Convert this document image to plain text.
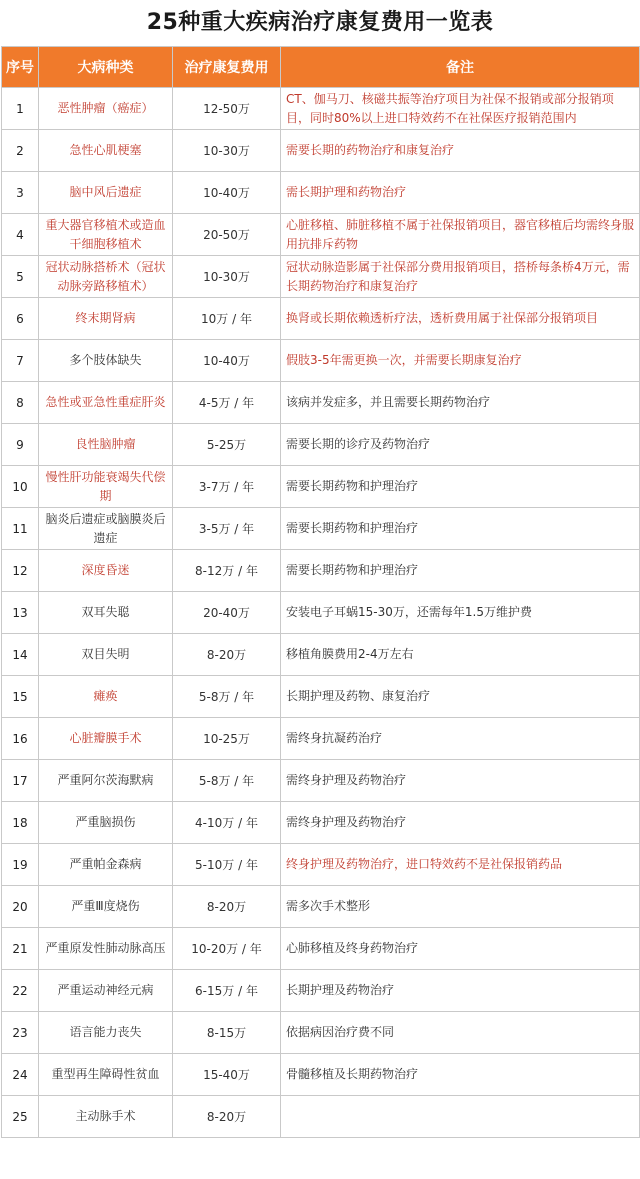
25种重大疾病治疗康复费用一览表
序号	大病种类	治疗康复费用	备注
1	恶性肿瘤（癌症）	12-50万	CT、伽马刀、核磁共振等治疗项目为社保不报销或部分报销项目，同时80%以上进口特效药不在社保医疗报销范围内
2	急性心肌梗塞	10-30万	需要长期的药物治疗和康复治疗
3	脑中风后遗症	10-40万	需长期护理和药物治疗
4	重大器官移植术或造血干细胞移植术	20-50万	心脏移植、肺脏移植不属于社保报销项目，器官移植后均需终身服用抗排斥药物
5	冠状动脉搭桥术（冠状动脉旁路移植术）	10-30万	冠状动脉造影属于社保部分费用报销项目，搭桥每条桥4万元，需长期药物治疗和康复治疗
6	终末期肾病	10万 / 年	换肾或长期依赖透析疗法，透析费用属于社保部分报销项目
7	多个肢体缺失	10-40万	假肢3-5年需更换一次，并需要长期康复治疗
8	急性或亚急性重症肝炎	4-5万 / 年	该病并发症多，并且需要长期药物治疗
9	良性脑肿瘤	5-25万	需要长期的诊疗及药物治疗
10	慢性肝功能衰竭失代偿期	3-7万 / 年	需要长期药物和护理治疗
11	脑炎后遗症或脑膜炎后遗症	3-5万 / 年	需要长期药物和护理治疗
12	深度昏迷	8-12万 / 年	需要长期药物和护理治疗
13	双耳失聪	20-40万	安装电子耳蜗15-30万，还需每年1.5万维护费
14	双目失明	8-20万	移植角膜费用2-4万左右
15	瘫痪	5-8万 / 年	长期护理及药物、康复治疗
16	心脏瓣膜手术	10-25万	需终身抗凝药治疗
17	严重阿尔茨海默病	5-8万 / 年	需终身护理及药物治疗
18	严重脑损伤	4-10万 / 年	需终身护理及药物治疗
19	严重帕金森病	5-10万 / 年	终身护理及药物治疗，进口特效药不是社保报销药品
20	严重Ⅲ度烧伤	8-20万	需多次手术整形
21	严重原发性肺动脉高压	10-20万 / 年	心肺移植及终身药物治疗
22	严重运动神经元病	6-15万 / 年	长期护理及药物治疗
23	语言能力丧失	8-15万	依据病因治疗费不同
24	重型再生障碍性贫血	15-40万	骨髓移植及长期药物治疗
25	主动脉手术	8-20万	
